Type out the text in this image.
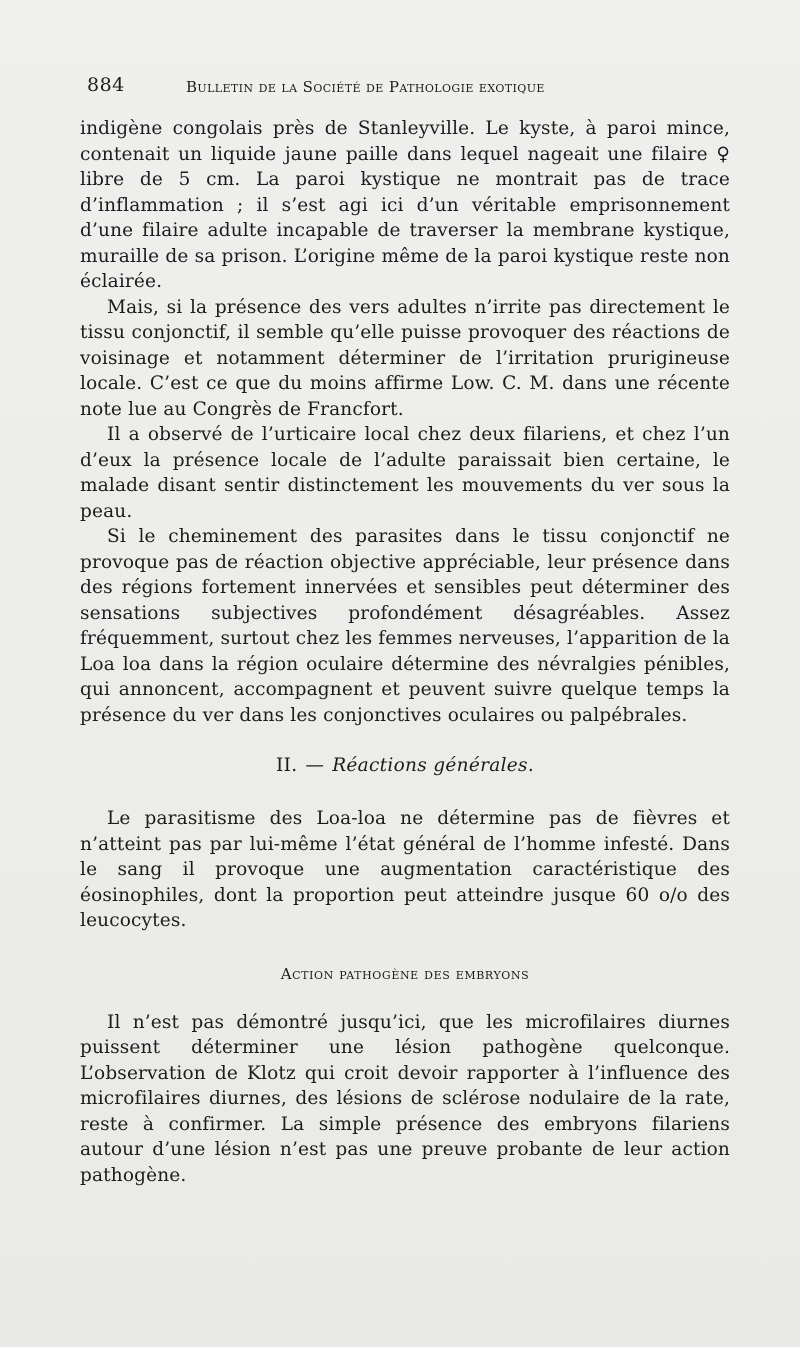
884	Bulletin de la Société de Pathologie exotique

indigène congolais près de Stanleyville. Le kyste, à paroi mince, contenait un liquide jaune paille dans lequel nageait une filaire ♀ libre de 5 cm. La paroi kystique ne montrait pas de trace d’inflammation ; il s’est agi ici d’un véritable emprisonnement d’une filaire adulte incapable de traverser la membrane kystique, muraille de sa prison. L’origine même de la paroi kystique reste non éclairée.

Mais, si la présence des vers adultes n’irrite pas directement le tissu conjonctif, il semble qu’elle puisse provoquer des réactions de voisinage et notamment déterminer de l’irritation prurigineuse locale. C’est ce que du moins affirme Low. C. M. dans une récente note lue au Congrès de Francfort.

Il a observé de l’urticaire local chez deux filariens, et chez l’un d’eux la présence locale de l’adulte paraissait bien certaine, le malade disant sentir distinctement les mouvements du ver sous la peau.

Si le cheminement des parasites dans le tissu conjonctif ne provoque pas de réaction objective appréciable, leur présence dans des régions fortement innervées et sensibles peut déterminer des sensations subjectives profondément désagréables. Assez fréquemment, surtout chez les femmes nerveuses, l’apparition de la Loa loa dans la région oculaire détermine des névralgies pénibles, qui annoncent, accompagnent et peuvent suivre quelque temps la présence du ver dans les conjonctives oculaires ou palpébrales.

II. — Réactions générales.

Le parasitisme des Loa-loa ne détermine pas de fièvres et n’atteint pas par lui-même l’état général de l’homme infesté. Dans le sang il provoque une augmentation caractéristique des éosinophiles, dont la proportion peut atteindre jusque 60 o/o des leucocytes.

Action pathogène des embryons

Il n’est pas démontré jusqu’ici, que les microfilaires diurnes puissent déterminer une lésion pathogène quelconque. L’observation de Klotz qui croit devoir rapporter à l’influence des microfilaires diurnes, des lésions de sclérose nodulaire de la rate, reste à confirmer. La simple présence des embryons filariens autour d’une lésion n’est pas une preuve probante de leur action pathogène.
